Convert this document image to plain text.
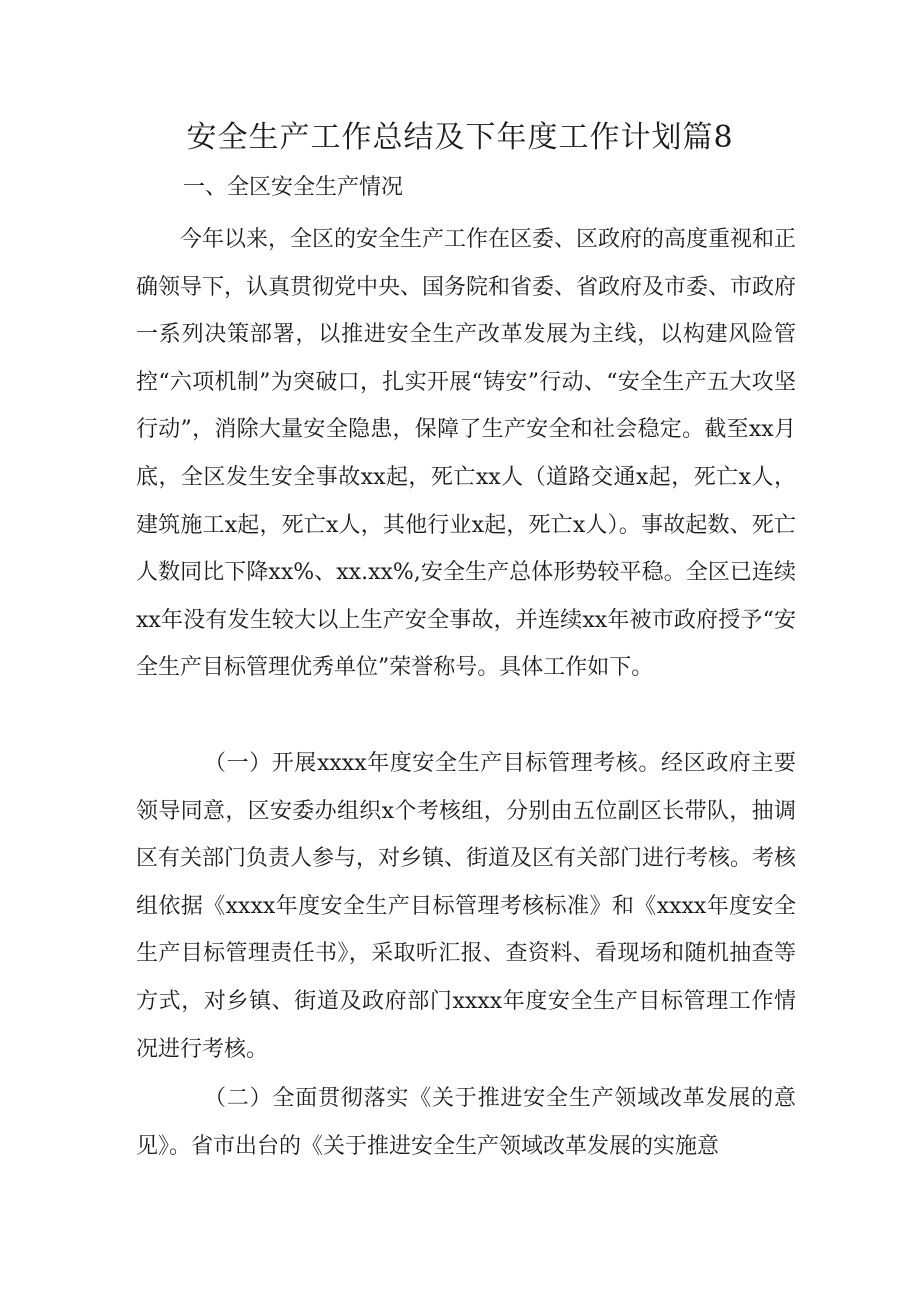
安全生产工作总结及下年度工作计划篇8
一、全区安全生产情况

今年以来，全区的安全生产工作在区委、区政府的高度重视和正确领导下，认真贯彻党中央、国务院和省委、省政府及市委、市政府一系列决策部署，以推进安全生产改革发展为主线，以构建风险管控“六项机制”为突破口，扎实开展“铸安”行动、“安全生产五大攻坚行动”，消除大量安全隐患，保障了生产安全和社会稳定。截至xx月底，全区发生安全事故xx起，死亡xx人（道路交通x起，死亡x人，建筑施工x起，死亡x人，其他行业x起，死亡x人）。事故起数、死亡人数同比下降xx%、xx.xx%,安全生产总体形势较平稳。全区已连续xx年没有发生较大以上生产安全事故，并连续xx年被市政府授予“安全生产目标管理优秀单位”荣誉称号。具体工作如下。

（一）开展xxxx年度安全生产目标管理考核。经区政府主要领导同意，区安委办组织x个考核组，分别由五位副区长带队，抽调区有关部门负责人参与，对乡镇、街道及区有关部门进行考核。考核组依据《xxxx年度安全生产目标管理考核标准》和《xxxx年度安全生产目标管理责任书》，采取听汇报、查资料、看现场和随机抽查等方式，对乡镇、街道及政府部门xxxx年度安全生产目标管理工作情况进行考核。

（二）全面贯彻落实《关于推进安全生产领域改革发展的意见》。省市出台的《关于推进安全生产领域改革发展的实施意
